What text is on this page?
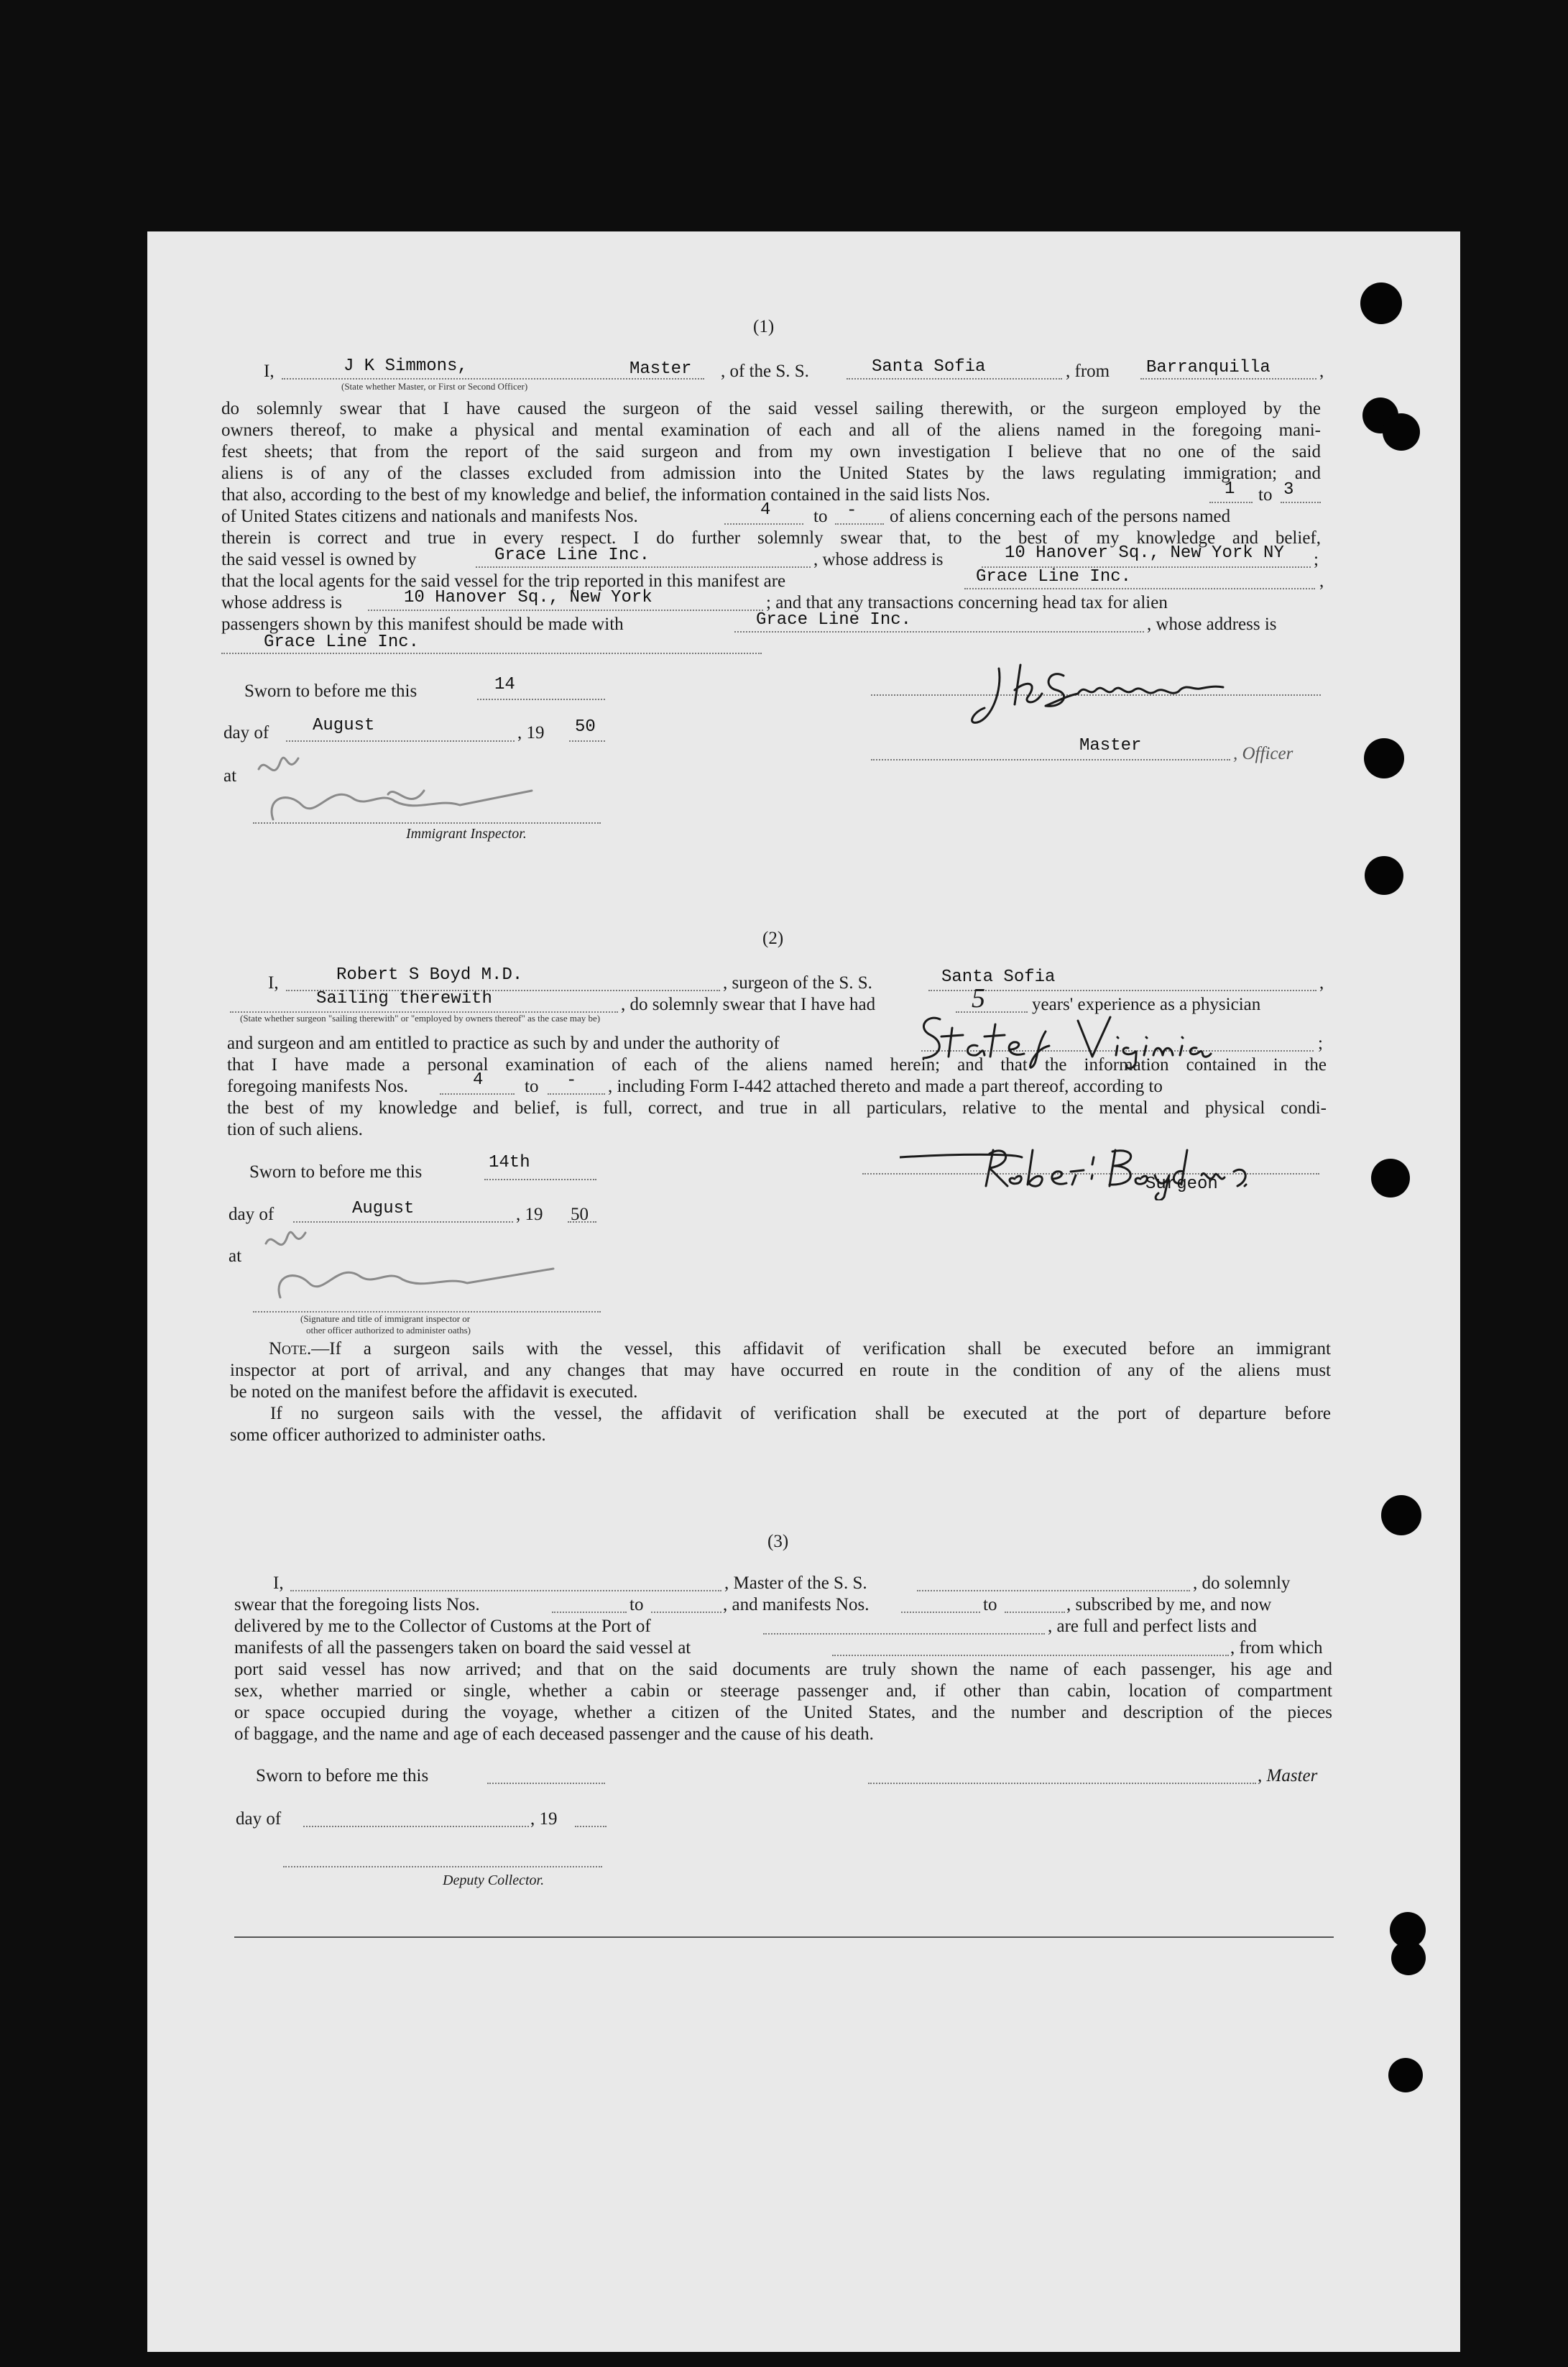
(1)
I,	J K Simmons,	Master , of the S. S.	Santa Sofia	, from Barranquilla	,
(State whether Master, or First or Second Officer)
do solemnly swear that I have caused the surgeon of the said vessel sailing therewith, or the surgeon employed by the
owners thereof, to make a physical and mental examination of each and all of the aliens named in the foregoing mani-
fest sheets; that from the report of the said surgeon and from my own investigation I believe that no one of the said
aliens is of any of the classes excluded from admission into the United States by the laws regulating immigration; and
that also, according to the best of my knowledge and belief, the information contained in the said lists Nos.	1 to 3
of United States citizens and nationals and manifests Nos.	4 to - of aliens concerning each of the persons named
therein is correct and true in every respect. I do further solemnly swear that, to the best of my knowledge and belief,
the said vessel is owned by	Grace Line Inc.	, whose address is	10 Hanover Sq., New York NY ;
that the local agents for the said vessel for the trip reported in this manifest are	Grace Line Inc.	,
whose address is	10 Hanover Sq., New York	; and that any transactions concerning head tax for alien
passengers shown by this manifest should be made with	Grace Line Inc.	, whose address is
Grace Line Inc.
Sworn to before me this	14
day of	August	, 19 50
at
Immigrant Inspector.
Master	, Officer
(2)
I,	Robert S Boyd M.D.	, surgeon of the S. S.	Santa Sofia	,
Sailing therewith	, do solemnly swear that I have had	5	years' experience as a physician
(State whether surgeon "sailing therewith" or "employed by owners thereof" as the case may be)
and surgeon and am entitled to practice as such by and under the authority of	;
that I have made a personal examination of each of the aliens named herein; and that the information contained in the
foregoing manifests Nos.	4 to - , including Form I-442 attached thereto and made a part thereof, according to
the best of my knowledge and belief, is full, correct, and true in all particulars, relative to the mental and physical condi-
tion of such aliens.
Sworn to before me this	14th
day of	August	, 19 50
at
(Signature and title of immigrant inspector or
other officer authorized to administer oaths)
Surgeon
Note.—If a surgeon sails with the vessel, this affidavit of verification shall be executed before an immigrant
inspector at port of arrival, and any changes that may have occurred en route in the condition of any of the aliens must
be noted on the manifest before the affidavit is executed.
If no surgeon sails with the vessel, the affidavit of verification shall be executed at the port of departure before
some officer authorized to administer oaths.
(3)
I,	, Master of the S. S.	, do solemnly
swear that the foregoing lists Nos.	to	, and manifests Nos.	to	, subscribed by me, and now
delivered by me to the Collector of Customs at the Port of	, are full and perfect lists and
manifests of all the passengers taken on board the said vessel at	, from which
port said vessel has now arrived; and that on the said documents are truly shown the name of each passenger, his age and
sex, whether married or single, whether a cabin or steerage passenger and, if other than cabin, location of compartment
or space occupied during the voyage, whether a citizen of the United States, and the number and description of the pieces
of baggage, and the name and age of each deceased passenger and the cause of his death.
Sworn to before me this	, Master
day of	, 19
Deputy Collector.
